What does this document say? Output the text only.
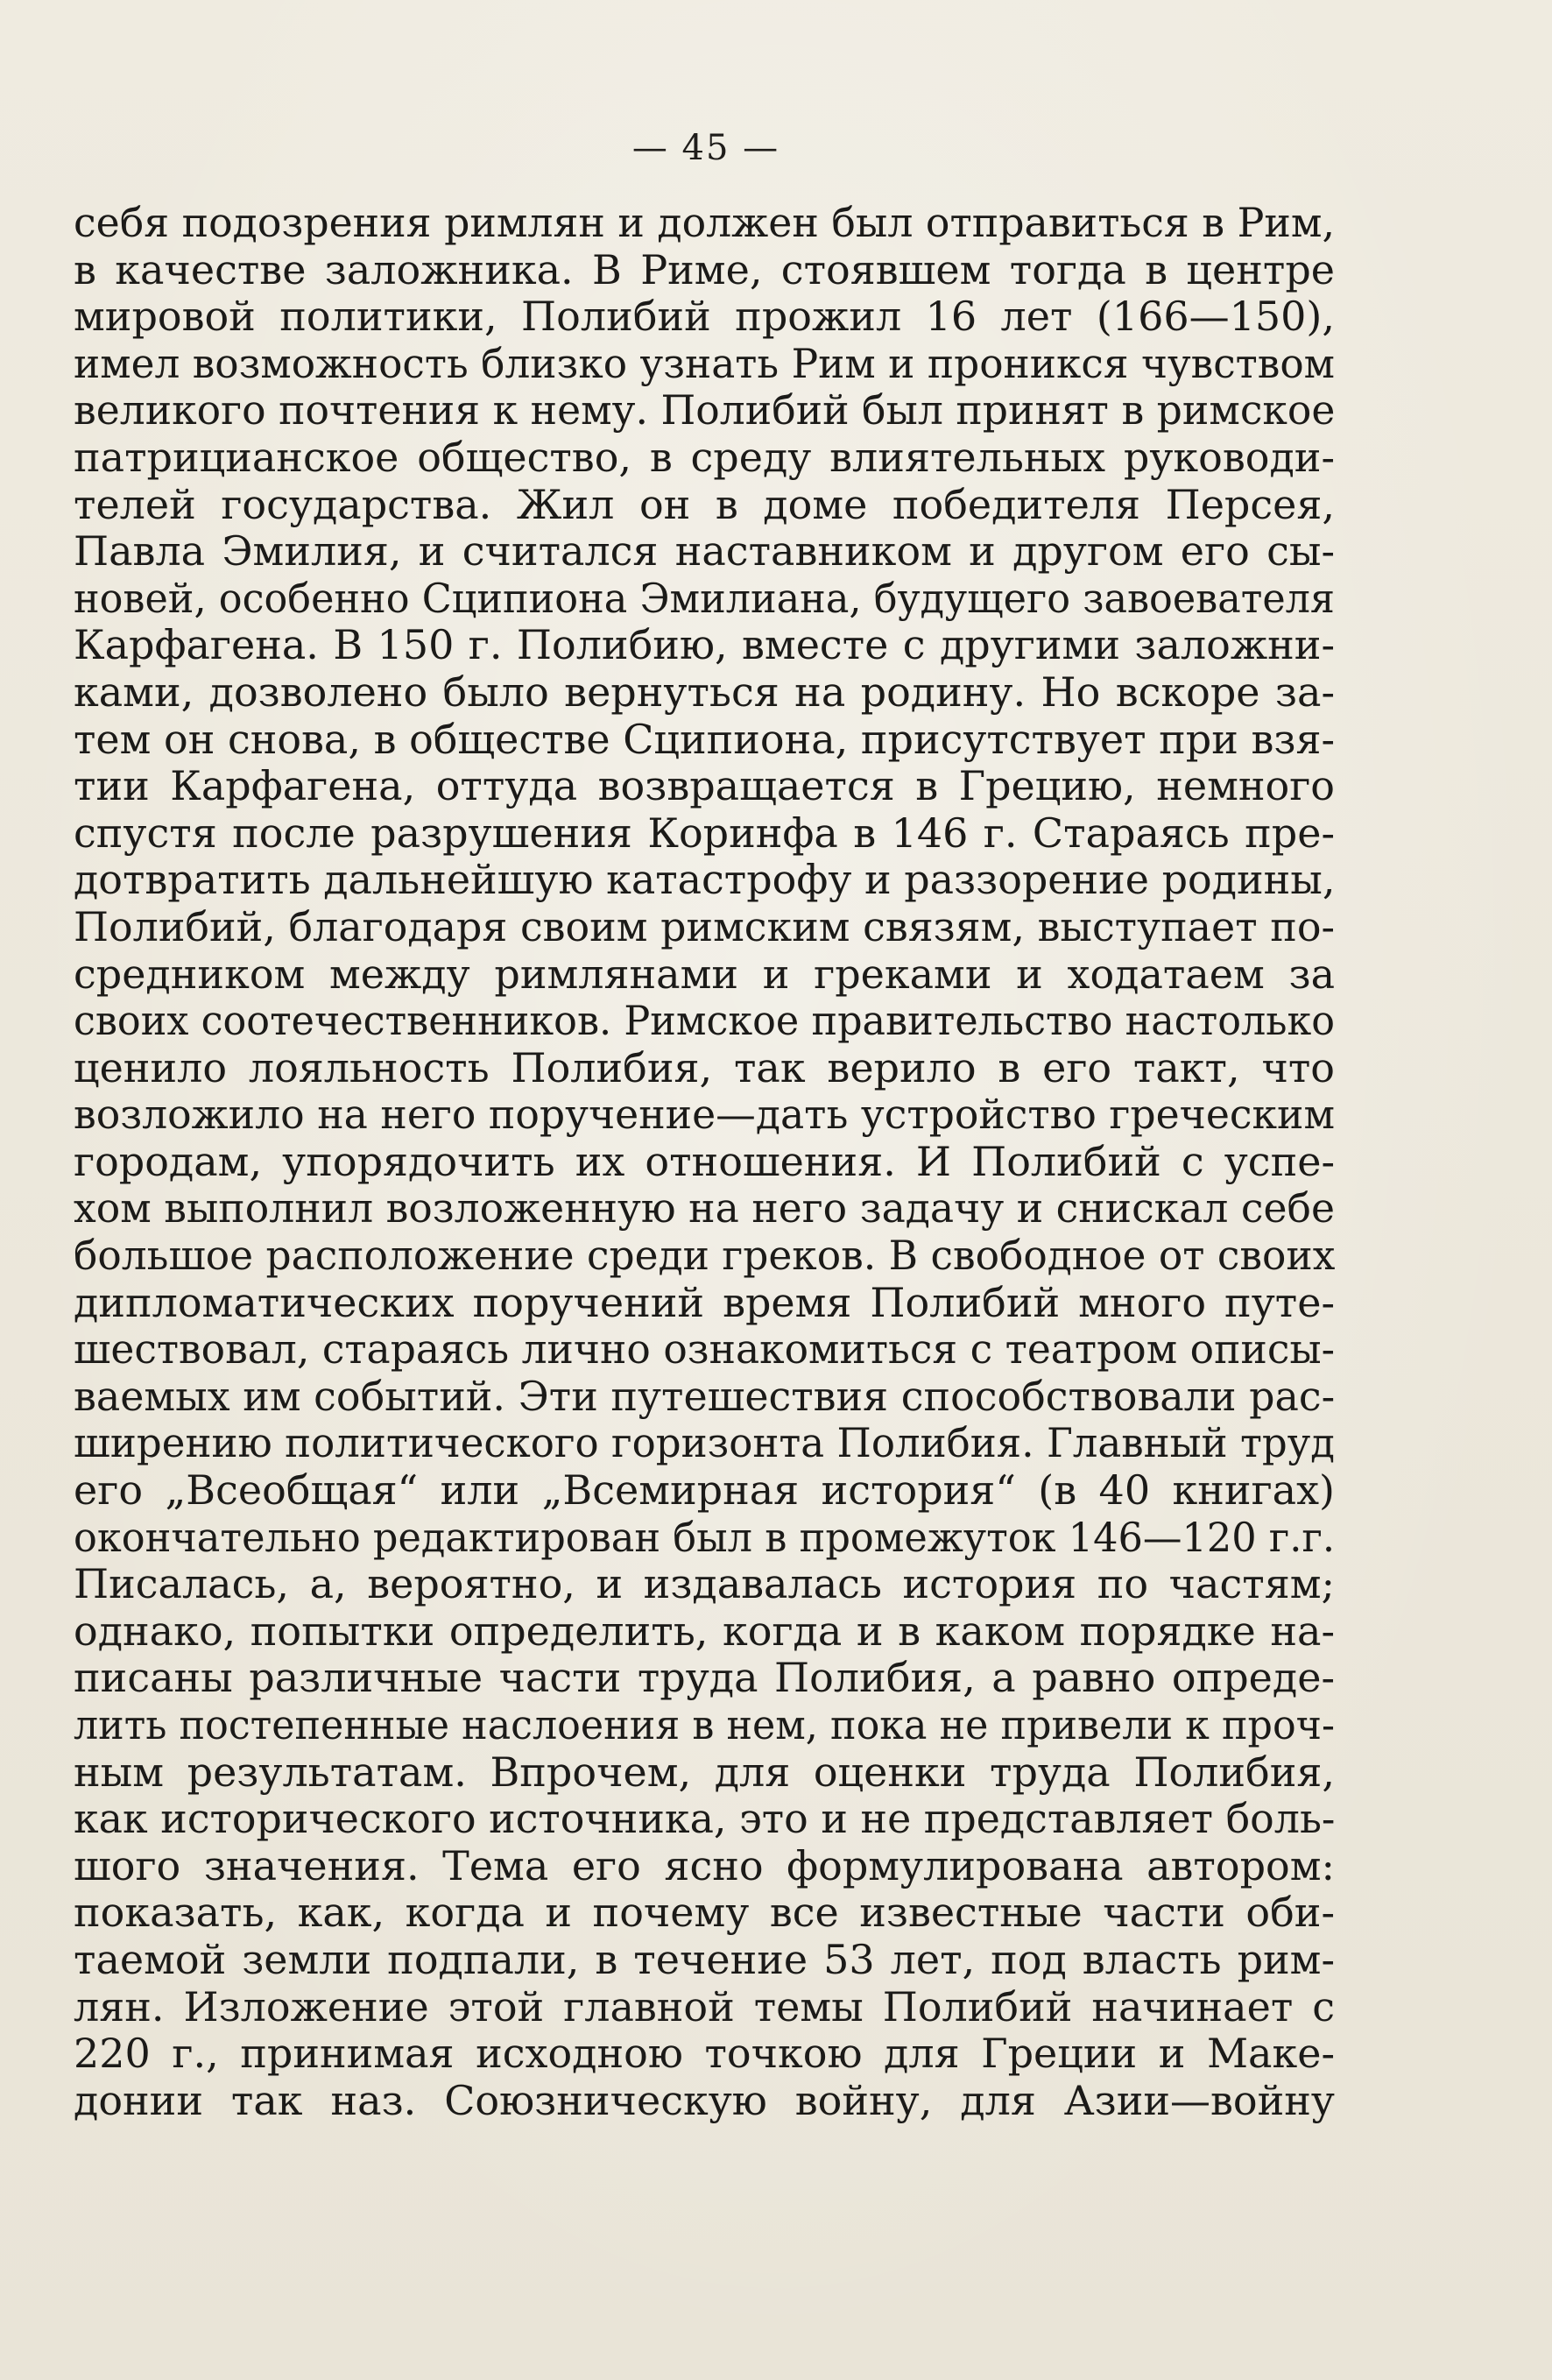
— 45 —
себя подозрения римлян и должен был отправиться в Рим,
в качестве заложника. В Риме, стоявшем тогда в центре
мировой политики, Полибий прожил 16 лет (166—150),
имел возможность близко узнать Рим и проникся чувством
великого почтения к нему. Полибий был принят в римское
патрицианское общество, в среду влиятельных руководи-
телей государства. Жил он в доме победителя Персея,
Павла Эмилия, и считался наставником и другом его сы-
новей, особенно Сципиона Эмилиана, будущего завоевателя
Карфагена. В 150 г. Полибию, вместе с другими заложни-
ками, дозволено было вернуться на родину. Но вскоре за-
тем он снова, в обществе Сципиона, присутствует при взя-
тии Карфагена, оттуда возвращается в Грецию, немного
спустя после разрушения Коринфа в 146 г. Стараясь пре-
дотвратить дальнейшую катастрофу и раззорение родины,
Полибий, благодаря своим римским связям, выступает по-
средником между римлянами и греками и ходатаем за
своих соотечественников. Римское правительство настолько
ценило лояльность Полибия, так верило в его такт, что
возложило на него поручение—дать устройство греческим
городам, упорядочить их отношения. И Полибий с успе-
хом выполнил возложенную на него задачу и снискал себе
большое расположение среди греков. В свободное от своих
дипломатических поручений время Полибий много путе-
шествовал, стараясь лично ознакомиться с театром описы-
ваемых им событий. Эти путешествия способствовали рас-
ширению политического горизонта Полибия. Главный труд
его „Всеобщая“ или „Всемирная история“ (в 40 книгах)
окончательно редактирован был в промежуток 146—120 г.г.
Писалась, а, вероятно, и издавалась история по частям;
однако, попытки определить, когда и в каком порядке на-
писаны различные части труда Полибия, а равно опреде-
лить постепенные наслоения в нем, пока не привели к проч-
ным результатам. Впрочем, для оценки труда Полибия,
как исторического источника, это и не представляет боль-
шого значения. Тема его ясно формулирована автором:
показать, как, когда и почему все известные части оби-
таемой земли подпали, в течение 53 лет, под власть рим-
лян. Изложение этой главной темы Полибий начинает с
220 г., принимая исходною точкою для Греции и Маке-
донии так наз. Союзническую войну, для Азии—войну
